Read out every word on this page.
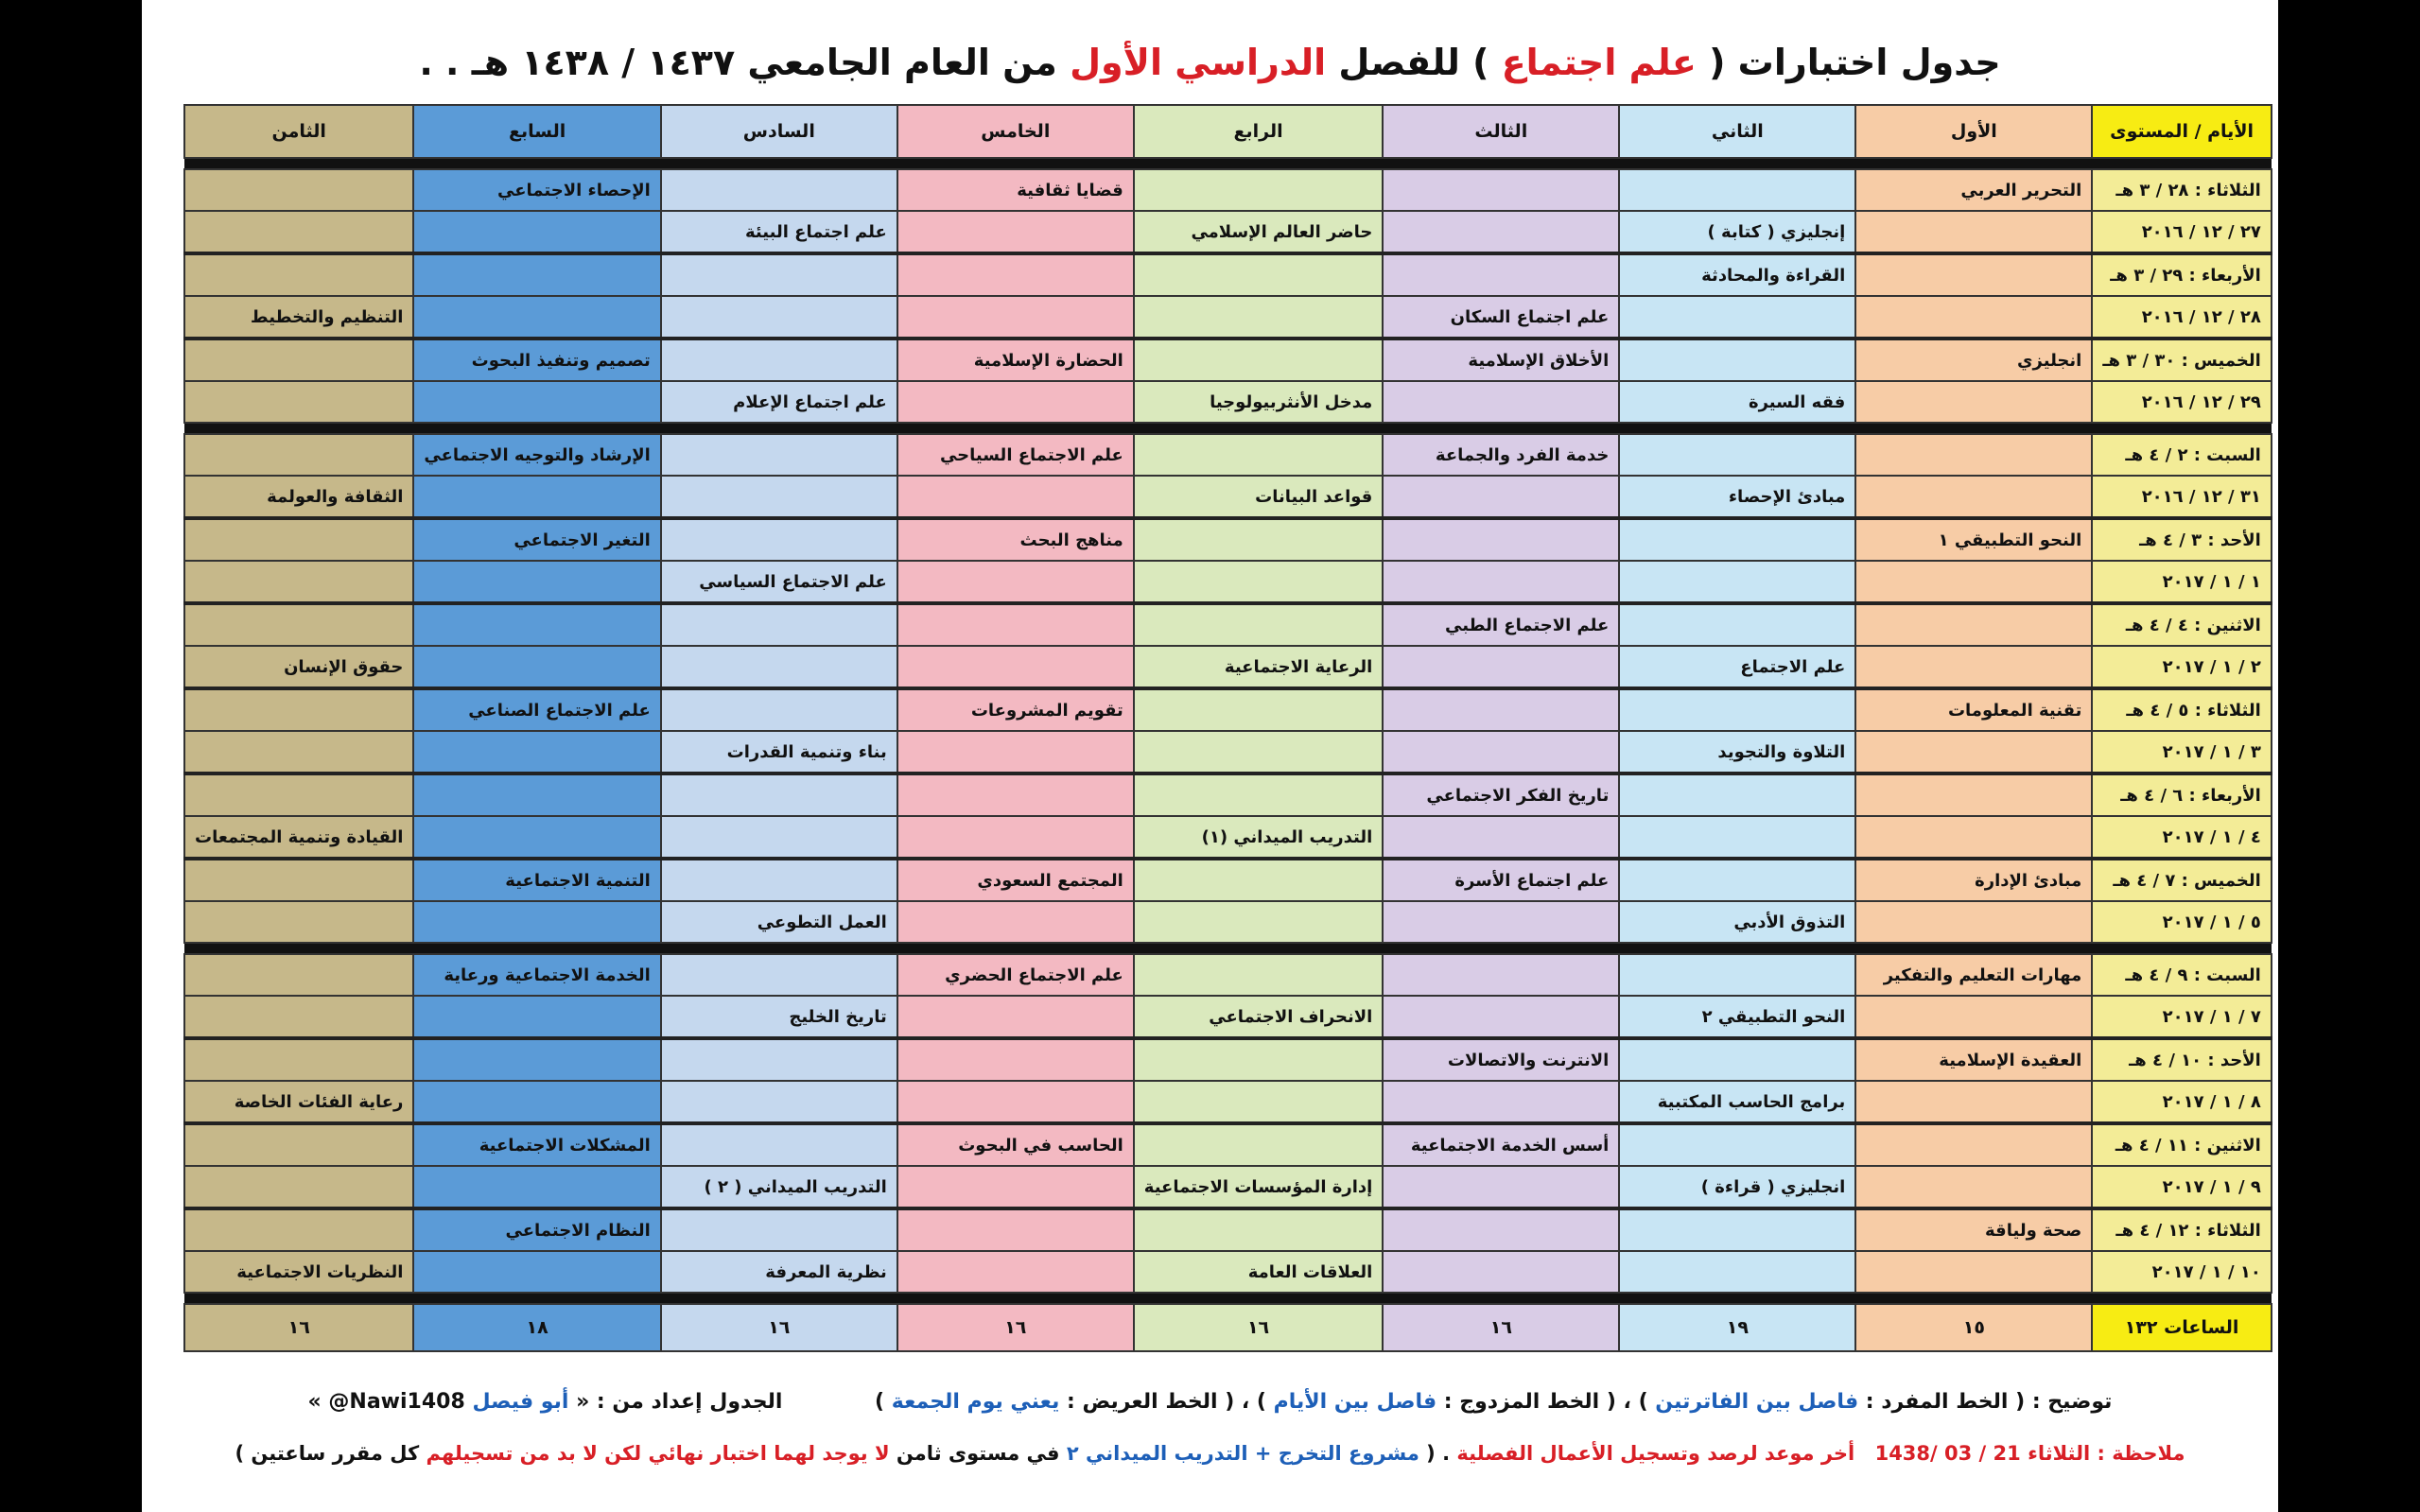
جدول اختبارات ( علم اجتماع ) للفصل الدراسي الأول من العام الجامعي ١٤٣٧ / ١٤٣٨ هـ . .
الأيام / المستوى	الأول	الثاني	الثالث	الرابع	الخامس	السادس	السابع	الثامن

الثلاثاء : ٢٨ / ٣ هـ	التحرير العربي				قضايا ثقافية		الإحصاء الاجتماعي	
٢٧ / ١٢ / ٢٠١٦		إنجليزي ( كتابة )		حاضر العالم الإسلامي		علم اجتماع البيئة		
الأربعاء : ٢٩ / ٣ هـ		القراءة والمحادثة						
٢٨ / ١٢ / ٢٠١٦			علم اجتماع السكان					التنظيم والتخطيط
الخميس : ٣٠ / ٣ هـ	انجليزي		الأخلاق الإسلامية		الحضارة الإسلامية		تصميم وتنفيذ البحوث	
٢٩ / ١٢ / ٢٠١٦		فقه السيرة		مدخل الأنثربيولوجيا		علم اجتماع الإعلام		

السبت : ٢ / ٤ هـ			خدمة الفرد والجماعة		علم الاجتماع السياحي		الإرشاد والتوجيه الاجتماعي	
٣١ / ١٢ / ٢٠١٦		مبادئ الإحصاء		قواعد البيانات				الثقافة والعولمة
الأحد : ٣ / ٤ هـ	النحو التطبيقي ١				مناهج البحث		التغير الاجتماعي	
١ / ١ / ٢٠١٧						علم الاجتماع السياسي		
الاثنين : ٤ / ٤ هـ			علم الاجتماع الطبي					
٢ / ١ / ٢٠١٧		علم الاجتماع		الرعاية الاجتماعية				حقوق الإنسان
الثلاثاء : ٥ / ٤ هـ	تقنية المعلومات				تقويم المشروعات		علم الاجتماع الصناعي	
٣ / ١ / ٢٠١٧		التلاوة والتجويد				بناء وتنمية القدرات		
الأربعاء : ٦ / ٤ هـ			تاريخ الفكر الاجتماعي					
٤ / ١ / ٢٠١٧				التدريب الميداني (١)				القيادة وتنمية المجتمعات
الخميس : ٧ / ٤ هـ	مبادئ الإدارة		علم اجتماع الأسرة		المجتمع السعودي		التنمية الاجتماعية	
٥ / ١ / ٢٠١٧		التذوق الأدبي				العمل التطوعي		

السبت : ٩ / ٤ هـ	مهارات التعليم والتفكير				علم الاجتماع الحضري		الخدمة الاجتماعية ورعاية	
٧ / ١ / ٢٠١٧		النحو التطبيقي ٢		الانحراف الاجتماعي		تاريخ الخليج		
الأحد : ١٠ / ٤ هـ	العقيدة الإسلامية		الانترنت والاتصالات					
٨ / ١ / ٢٠١٧		برامج الحاسب المكتبية						رعاية الفئات الخاصة
الاثنين : ١١ / ٤ هـ			أسس الخدمة الاجتماعية		الحاسب في البحوث		المشكلات الاجتماعية	
٩ / ١ / ٢٠١٧		انجليزي ( قراءة )		إدارة المؤسسات الاجتماعية		التدريب الميداني ( ٢ )		
الثلاثاء : ١٢ / ٤ هـ	صحة ولياقة						النظام الاجتماعي	
١٠ / ١ / ٢٠١٧				العلاقات العامة		نظرية المعرفة		النظريات الاجتماعية

الساعات ١٣٢	١٥	١٩	١٦	١٦	١٦	١٦	١٨	١٦
توضيح : ( الخط المفرد : فاصل بين الفاترتين ) ، ( الخط المزدوج : فاصل بين الأيام ) ، ( الخط العريض : يعني يوم الجمعة ) الجدول إعداد من : « أبو فيصل Nawi1408@ »
ملاحظة : الثلاثاء 21 / 03 /1438 أخر موعد لرصد وتسجيل الأعمال الفصلية . ( مشروع التخرج + التدريب الميداني ٢ في مستوى ثامن لا يوجد لهما اختبار نهائي لكن لا بد من تسجيلهم كل مقرر ساعتين )
